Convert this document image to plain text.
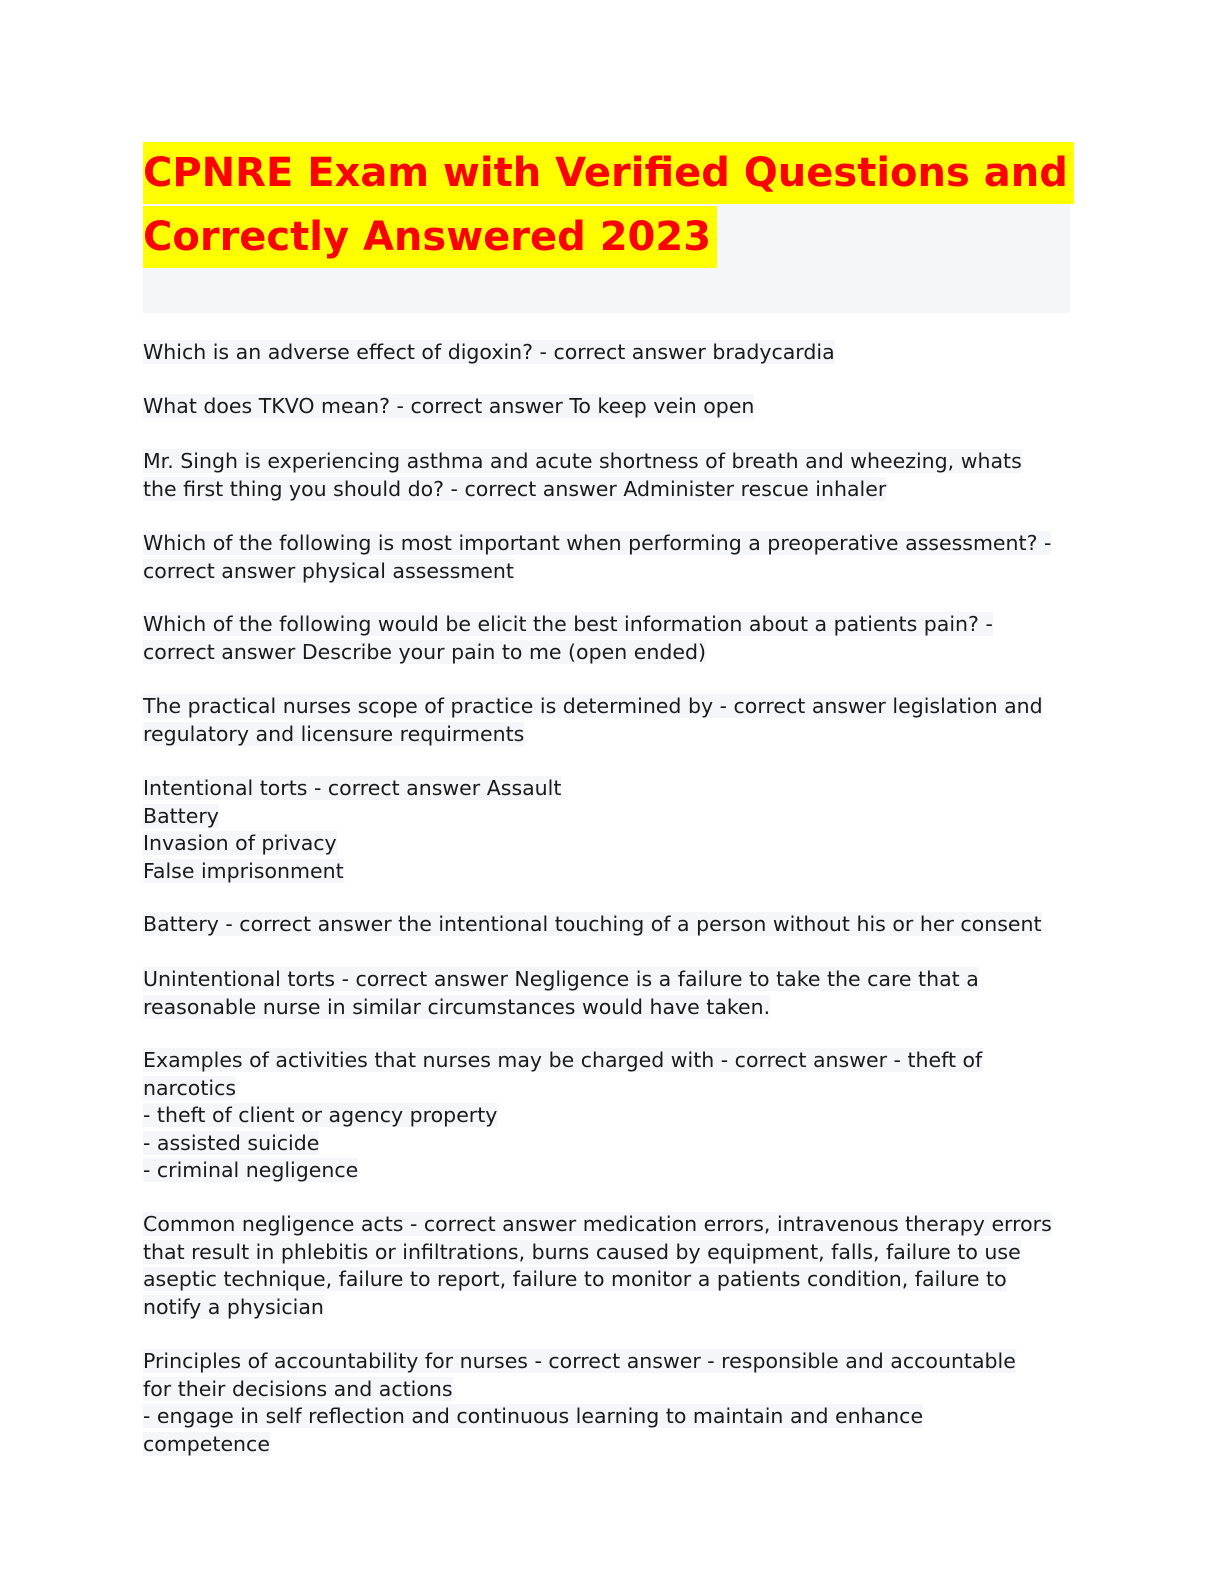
CPNRE Exam with Verified Questions and
Correctly Answered 2023
Which is an adverse effect of digoxin? - correct answer bradycardia
What does TKVO mean? - correct answer To keep vein open
Mr. Singh is experiencing asthma and acute shortness of breath and wheezing, whats
the first thing you should do? - correct answer Administer rescue inhaler
Which of the following is most important when performing a preoperative assessment? -
correct answer physical assessment
Which of the following would be elicit the best information about a patients pain? -
correct answer Describe your pain to me (open ended)
The practical nurses scope of practice is determined by - correct answer legislation and
regulatory and licensure requirments
Intentional torts - correct answer Assault
Battery
Invasion of privacy
False imprisonment
Battery - correct answer the intentional touching of a person without his or her consent
Unintentional torts - correct answer Negligence is a failure to take the care that a
reasonable nurse in similar circumstances would have taken.
Examples of activities that nurses may be charged with - correct answer - theft of
narcotics
- theft of client or agency property
- assisted suicide
- criminal negligence
Common negligence acts - correct answer medication errors, intravenous therapy errors
that result in phlebitis or infiltrations, burns caused by equipment, falls, failure to use
aseptic technique, failure to report, failure to monitor a patients condition, failure to
notify a physician
Principles of accountability for nurses - correct answer - responsible and accountable
for their decisions and actions
- engage in self reflection and continuous learning to maintain and enhance
competence
